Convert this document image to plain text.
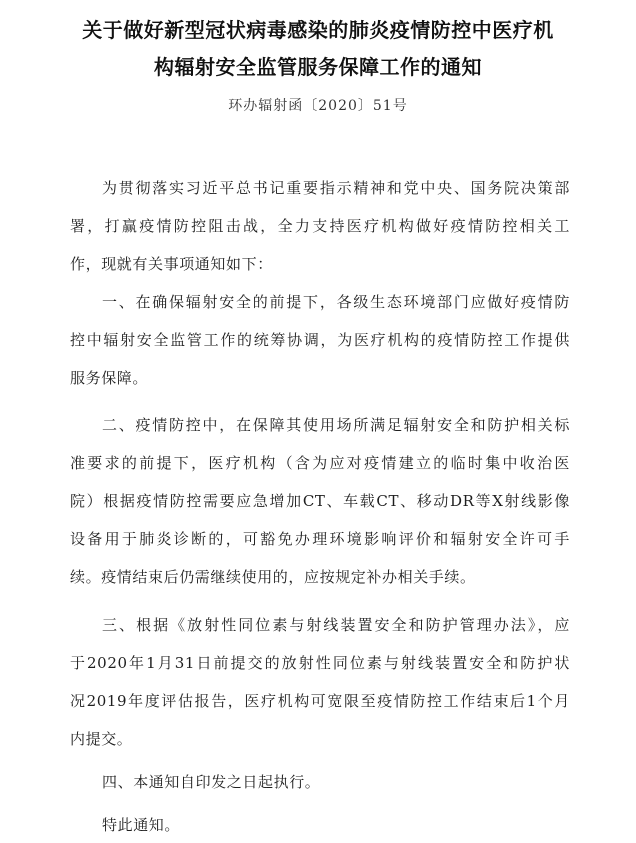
关于做好新型冠状病毒感染的肺炎疫情防控中医疗机
构辐射安全监管服务保障工作的通知
环办辐射函〔2020〕51号
为贯彻落实习近平总书记重要指示精神和党中央、国务院决策部
署，打赢疫情防控阻击战，全力支持医疗机构做好疫情防控相关工
作，现就有关事项通知如下：
一、在确保辐射安全的前提下，各级生态环境部门应做好疫情防
控中辐射安全监管工作的统筹协调，为医疗机构的疫情防控工作提供
服务保障。
二、疫情防控中，在保障其使用场所满足辐射安全和防护相关标
准要求的前提下，医疗机构（含为应对疫情建立的临时集中收治医
院）根据疫情防控需要应急增加CT、车载CT、移动DR等X射线影像
设备用于肺炎诊断的，可豁免办理环境影响评价和辐射安全许可手
续。疫情结束后仍需继续使用的，应按规定补办相关手续。
三、根据《放射性同位素与射线装置安全和防护管理办法》，应
于2020年1月31日前提交的放射性同位素与射线装置安全和防护状
况2019年度评估报告，医疗机构可宽限至疫情防控工作结束后1个月
内提交。
四、本通知自印发之日起执行。
特此通知。
